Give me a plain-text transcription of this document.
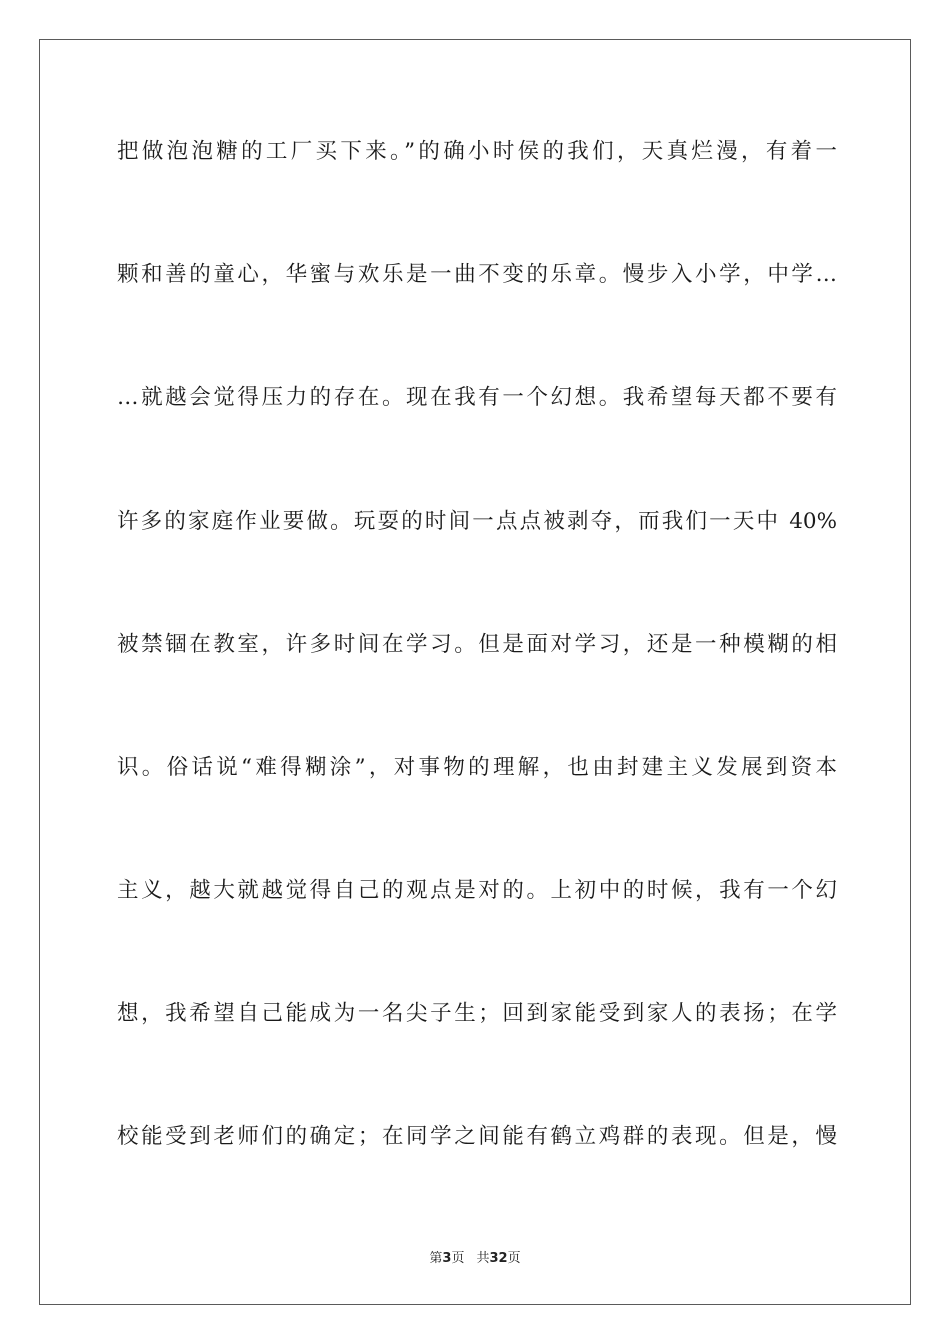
把做泡泡糖的工厂买下来。”的确小时侯的我们，天真烂漫，有着一
颗和善的童心，华蜜与欢乐是一曲不变的乐章。慢步入小学，中学…
…就越会觉得压力的存在。现在我有一个幻想。我希望每天都不要有
许多的家庭作业要做。玩耍的时间一点点被剥夺，而我们一天中 40%
被禁锢在教室，许多时间在学习。但是面对学习，还是一种模糊的相
识。俗话说“难得糊涂”，对事物的理解，也由封建主义发展到资本
主义，越大就越觉得自己的观点是对的。上初中的时候，我有一个幻
想，我希望自己能成为一名尖子生；回到家能受到家人的表扬；在学
校能受到老师们的确定；在同学之间能有鹤立鸡群的表现。但是，慢
第3页 共32页
